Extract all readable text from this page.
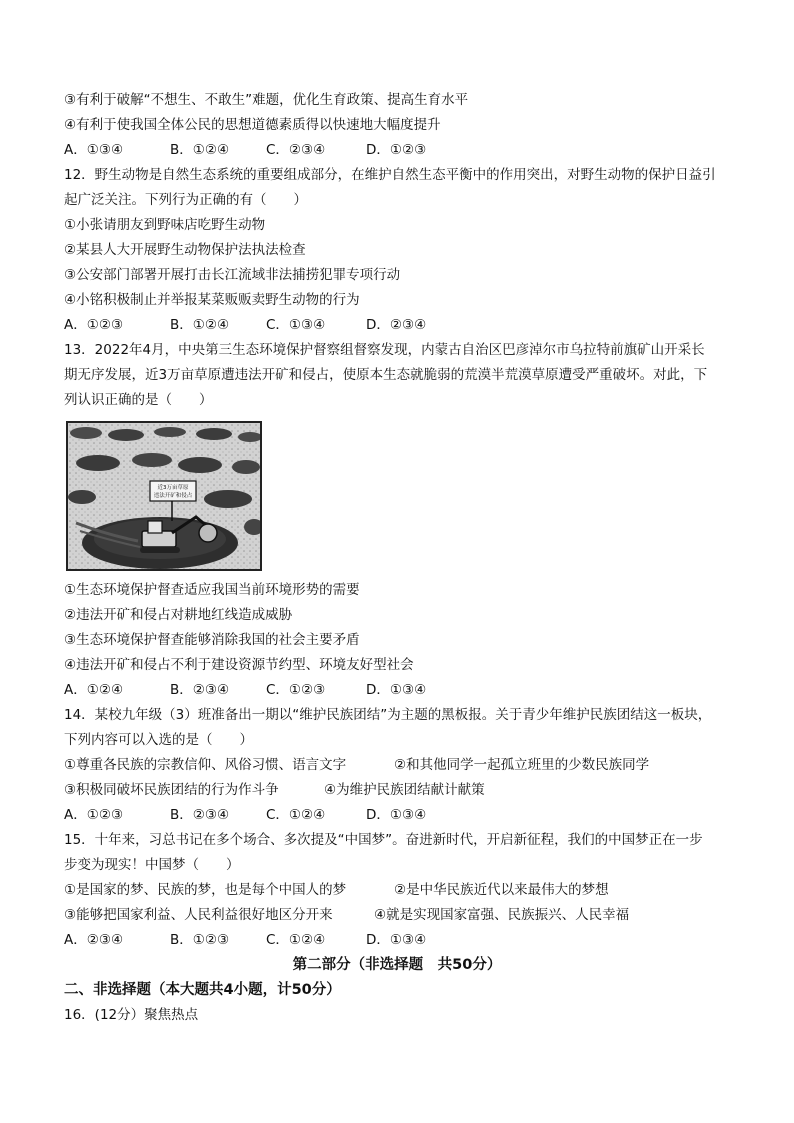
③有利于破解“不想生、不敢生”难题，优化生育政策、提高生育水平
④有利于使我国全体公民的思想道德素质得以快速地大幅度提升
A．①③④	B．①②④	C．②③④	D．①②③
12．野生动物是自然生态系统的重要组成部分，在维护自然生态平衡中的作用突出，对野生动物的保护日益引
起广泛关注。下列行为正确的有（　　）
①小张请朋友到野味店吃野生动物
②某县人大开展野生动物保护法执法检查
③公安部门部署开展打击长江流域非法捕捞犯罪专项行动
④小铭积极制止并举报某菜贩贩卖野生动物的行为
A．①②③	B．①②④	C．①③④	D．②③④
13．2022年4月，中央第三生态环境保护督察组督察发现，内蒙古自治区巴彦淖尔市乌拉特前旗矿山开采长
期无序发展，近3万亩草原遭违法开矿和侵占，使原本生态就脆弱的荒漠半荒漠草原遭受严重破坏。对此，下
列认识正确的是（　　）
近3万亩草原
违法开矿和侵占
①生态环境保护督查适应我国当前环境形势的需要
②违法开矿和侵占对耕地红线造成威胁
③生态环境保护督查能够消除我国的社会主要矛盾
④违法开矿和侵占不利于建设资源节约型、环境友好型社会
A．①②④	B．②③④	C．①②③	D．①③④
14．某校九年级（3）班准备出一期以“维护民族团结”为主题的黑板报。关于青少年维护民族团结这一板块，
下列内容可以入选的是（　　）
①尊重各民族的宗教信仰、风俗习惯、语言文字	②和其他同学一起孤立班里的少数民族同学
③积极同破坏民族团结的行为作斗争	④为维护民族团结献计献策
A．①②③	B．②③④	C．①②④	D．①③④
15．十年来，习总书记在多个场合、多次提及“中国梦”。奋进新时代，开启新征程，我们的中国梦正在一步
步变为现实！中国梦（　　）
①是国家的梦、民族的梦，也是每个中国人的梦	②是中华民族近代以来最伟大的梦想
③能够把国家利益、人民利益很好地区分开来	④就是实现国家富强、民族振兴、人民幸福
A．②③④	B．①②③	C．①②④	D．①③④
第二部分（非选择题　共50分）
二、非选择题（本大题共4小题，计50分）
16．(12分）聚焦热点
